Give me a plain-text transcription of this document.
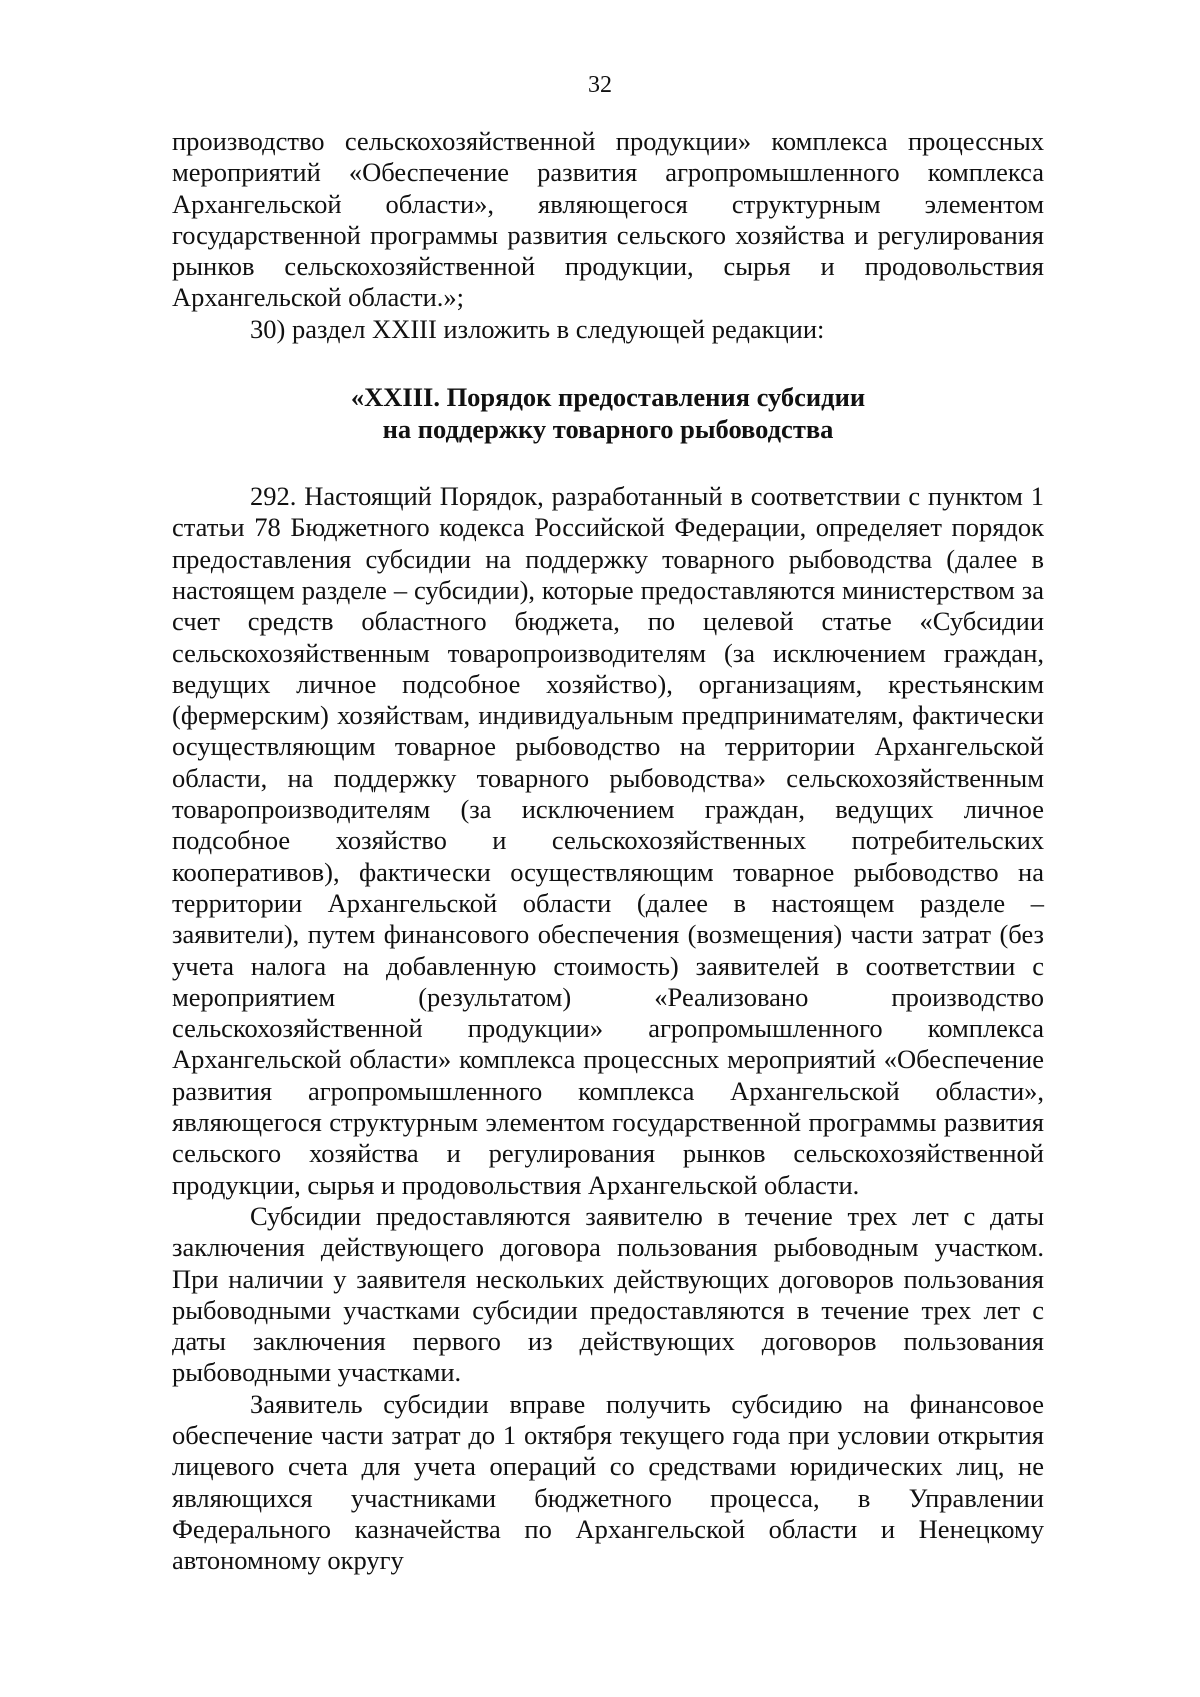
32

производство сельскохозяйственной продукции» комплекса процессных мероприятий «Обеспечение развития агропромышленного комплекса Архангельской области», являющегося структурным элементом государственной программы развития сельского хозяйства и регулирования рынков сельскохозяйственной продукции, сырья и продовольствия Архангельской области.»;

30) раздел XXIII изложить в следующей редакции:

«XXIII. Порядок предоставления субсидии
на поддержку товарного рыбоводства

292. Настоящий Порядок, разработанный в соответствии с пунктом 1 статьи 78 Бюджетного кодекса Российской Федерации, определяет порядок предоставления субсидии на поддержку товарного рыбоводства (далее в настоящем разделе – субсидии), которые предоставляются министерством за счет средств областного бюджета, по целевой статье «Субсидии сельскохозяйственным товаропроизводителям (за исключением граждан, ведущих личное подсобное хозяйство), организациям, крестьянским (фермерским) хозяйствам, индивидуальным предпринимателям, фактически осуществляющим товарное рыбоводство на территории Архангельской области, на поддержку товарного рыбоводства» сельскохозяйственным товаропроизводителям (за исключением граждан, ведущих личное подсобное хозяйство и сельскохозяйственных потребительских кооперативов), фактически осуществляющим товарное рыбоводство на территории Архангельской области (далее в настоящем разделе – заявители), путем финансового обеспечения (возмещения) части затрат (без учета налога на добавленную стоимость) заявителей в соответствии с мероприятием (результатом) «Реализовано производство сельскохозяйственной продукции» агропромышленного комплекса Архангельской области» комплекса процессных мероприятий «Обеспечение развития агропромышленного комплекса Архангельской области», являющегося структурным элементом государственной программы развития сельского хозяйства и регулирования рынков сельскохозяйственной продукции, сырья и продовольствия Архангельской области.

Субсидии предоставляются заявителю в течение трех лет с даты заключения действующего договора пользования рыбоводным участком. При наличии у заявителя нескольких действующих договоров пользования рыбоводными участками субсидии предоставляются в течение трех лет с даты заключения первого из действующих договоров пользования рыбоводными участками.

Заявитель субсидии вправе получить субсидию на финансовое обеспечение части затрат до 1 октября текущего года при условии открытия лицевого счета для учета операций со средствами юридических лиц, не являющихся участниками бюджетного процесса, в Управлении Федерального казначейства по Архангельской области и Ненецкому автономному округу
